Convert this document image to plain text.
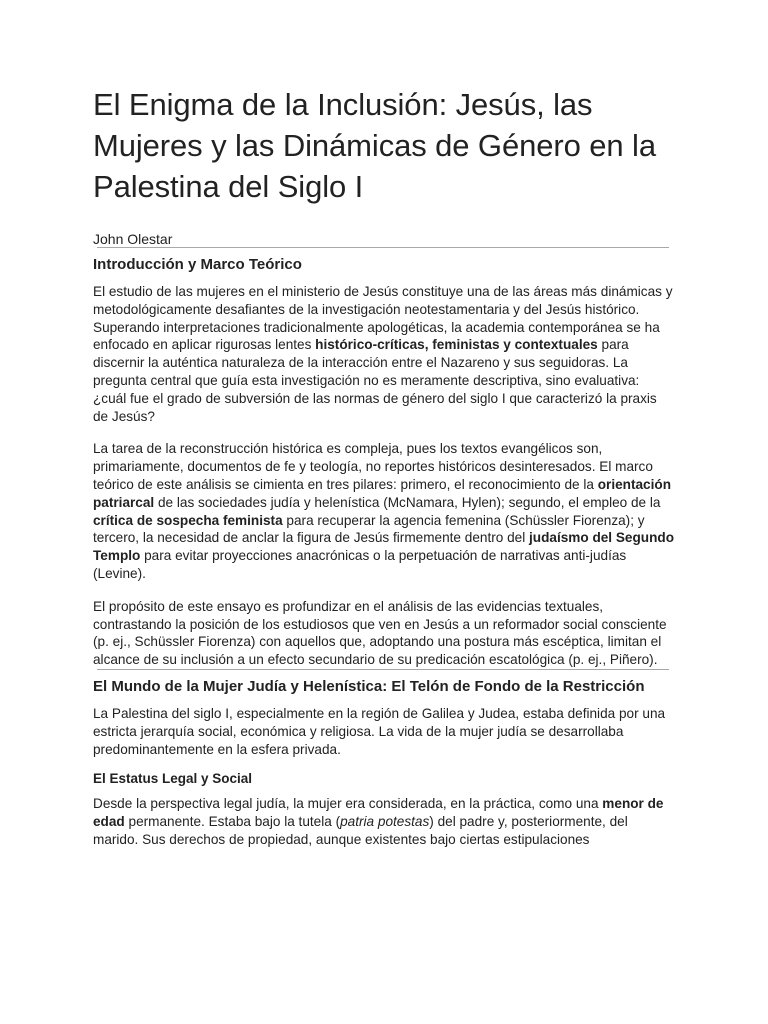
El Enigma de la Inclusión: Jesús, las Mujeres y las Dinámicas de Género en la Palestina del Siglo I
John Olestar
Introducción y Marco Teórico

El estudio de las mujeres en el ministerio de Jesús constituye una de las áreas más dinámicas y metodológicamente desafiantes de la investigación neotestamentaria y del Jesús histórico. Superando interpretaciones tradicionalmente apologéticas, la academia contemporánea se ha enfocado en aplicar rigurosas lentes histórico-críticas, feministas y contextuales para discernir la auténtica naturaleza de la interacción entre el Nazareno y sus seguidoras. La pregunta central que guía esta investigación no es meramente descriptiva, sino evaluativa: ¿cuál fue el grado de subversión de las normas de género del siglo I que caracterizó la praxis de Jesús?

La tarea de la reconstrucción histórica es compleja, pues los textos evangélicos son, primariamente, documentos de fe y teología, no reportes históricos desinteresados. El marco teórico de este análisis se cimienta en tres pilares: primero, el reconocimiento de la orientación patriarcal de las sociedades judía y helenística (McNamara, Hylen); segundo, el empleo de la crítica de sospecha feminista para recuperar la agencia femenina (Schüssler Fiorenza); y tercero, la necesidad de anclar la figura de Jesús firmemente dentro del judaísmo del Segundo Templo para evitar proyecciones anacrónicas o la perpetuación de narrativas anti-judías (Levine).

El propósito de este ensayo es profundizar en el análisis de las evidencias textuales, contrastando la posición de los estudiosos que ven en Jesús a un reformador social consciente (p. ej., Schüssler Fiorenza) con aquellos que, adoptando una postura más escéptica, limitan el alcance de su inclusión a un efecto secundario de su predicación escatológica (p. ej., Piñero).

El Mundo de la Mujer Judía y Helenística: El Telón de Fondo de la Restricción

La Palestina del siglo I, especialmente en la región de Galilea y Judea, estaba definida por una estricta jerarquía social, económica y religiosa. La vida de la mujer judía se desarrollaba predominantemente en la esfera privada.

El Estatus Legal y Social

Desde la perspectiva legal judía, la mujer era considerada, en la práctica, como una menor de edad permanente. Estaba bajo la tutela (patria potestas) del padre y, posteriormente, del marido. Sus derechos de propiedad, aunque existentes bajo ciertas estipulaciones
